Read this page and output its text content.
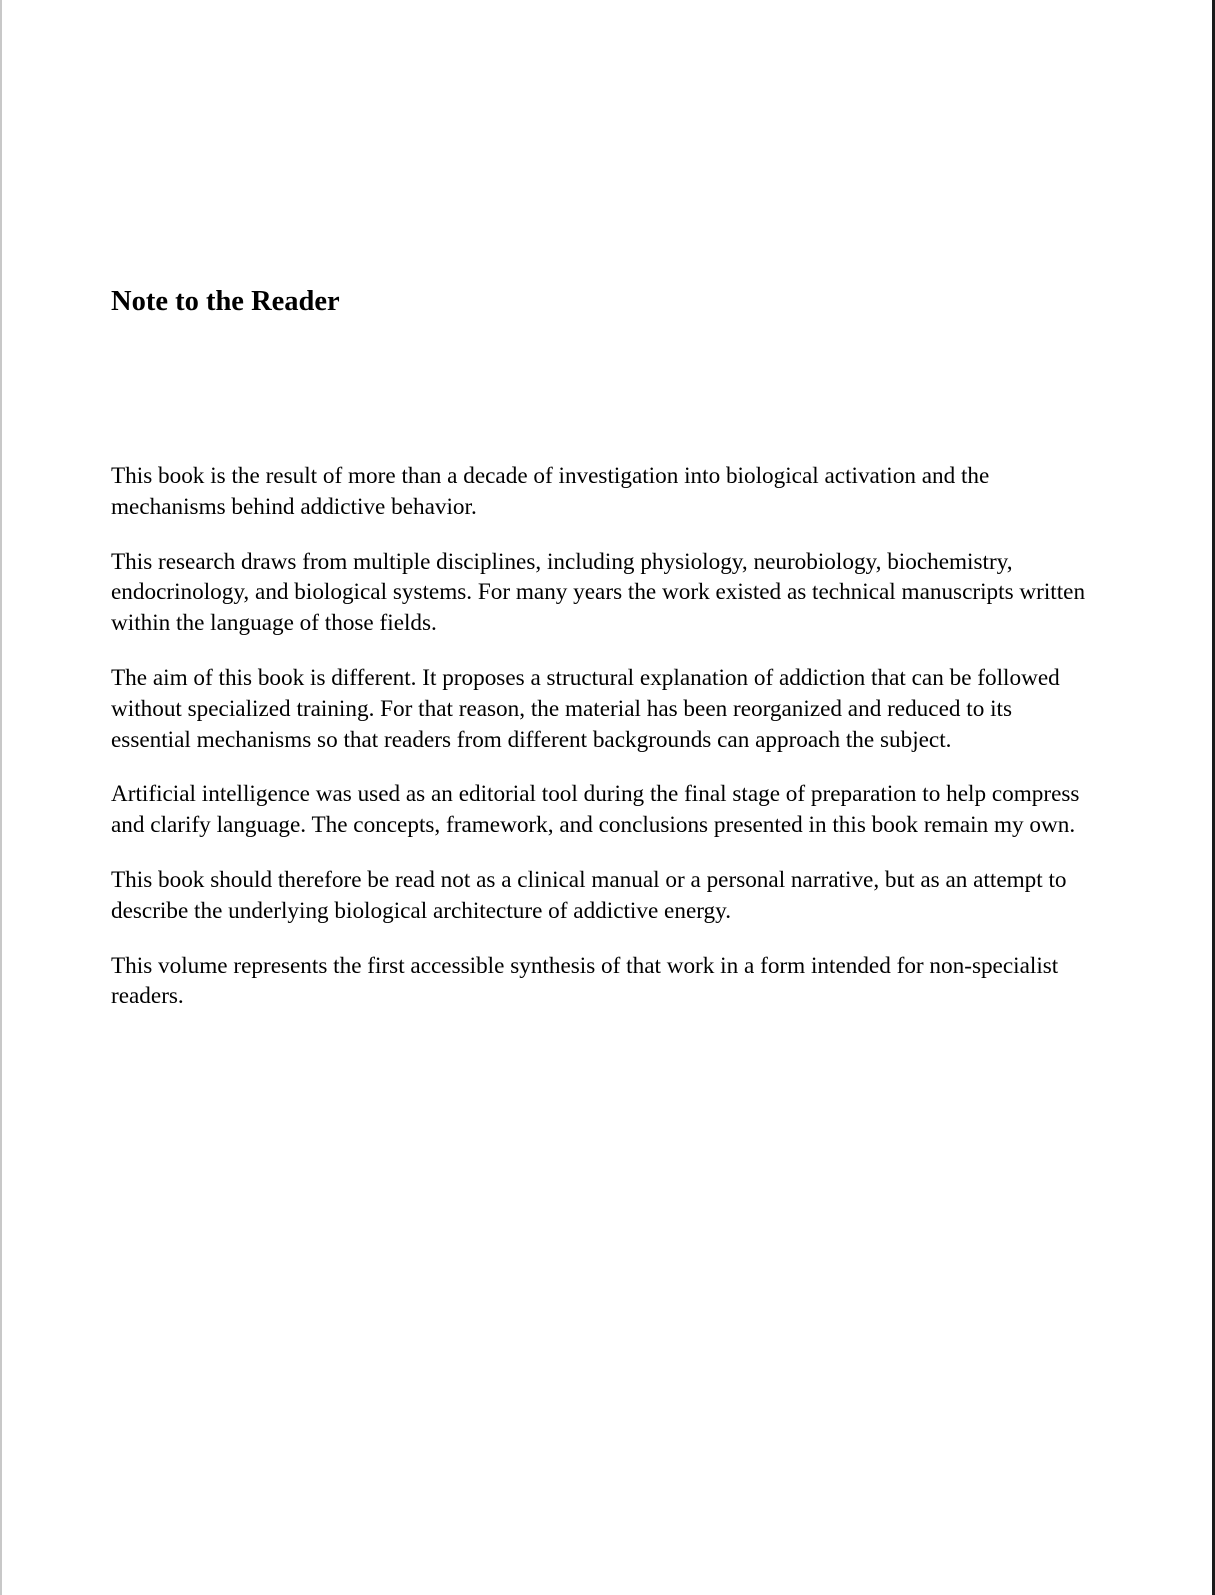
Note to the Reader

This book is the result of more than a decade of investigation into biological activation and the mechanisms behind addictive behavior.

This research draws from multiple disciplines, including physiology, neurobiology, biochemistry, endocrinology, and biological systems. For many years the work existed as technical manuscripts written within the language of those fields.

The aim of this book is different. It proposes a structural explanation of addiction that can be followed without specialized training. For that reason, the material has been reorganized and reduced to its essential mechanisms so that readers from different backgrounds can approach the subject.

Artificial intelligence was used as an editorial tool during the final stage of preparation to help compress and clarify language. The concepts, framework, and conclusions presented in this book remain my own.

This book should therefore be read not as a clinical manual or a personal narrative, but as an attempt to describe the underlying biological architecture of addictive energy.

This volume represents the first accessible synthesis of that work in a form intended for non-specialist readers.
